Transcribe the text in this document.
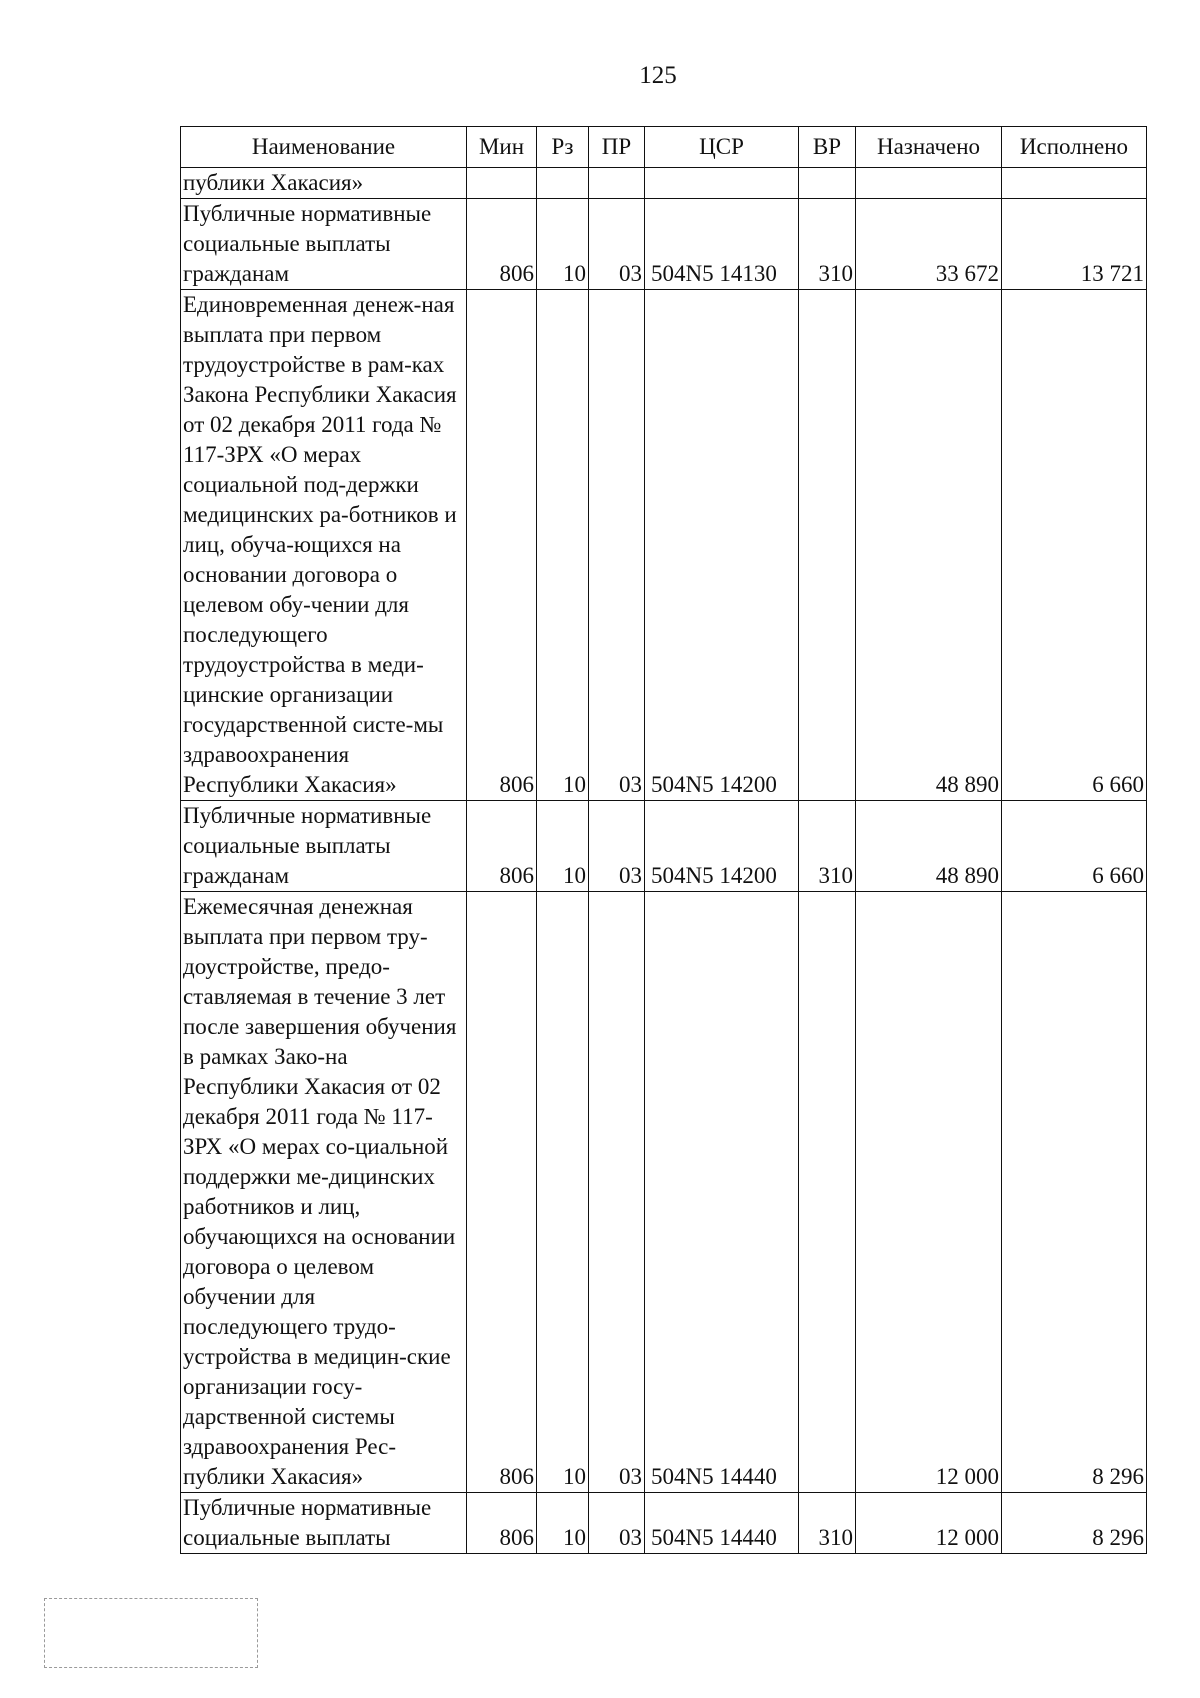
125
Наименование	Мин	Рз	ПР	ЦСР	ВР	Назначено	Исполнено
публики Хакасия»							
Публичные нормативные социальные выплаты гражданам	806	10	03	504N5 14130	310	33 672	13 721
Единовременная денеж-ная выплата при первом трудоустройстве в рам-ках Закона Республики Хакасия от 02 декабря 2011 года № 117-ЗРХ «О мерах социальной под-держки медицинских ра-ботников и лиц, обуча-ющихся на основании договора о целевом обу-чении для последующего трудоустройства в меди-цинские организации государственной систе-мы здравоохранения Республики Хакасия»	806	10	03	504N5 14200		48 890	6 660
Публичные нормативные социальные выплаты гражданам	806	10	03	504N5 14200	310	48 890	6 660
Ежемесячная денежная выплата при первом тру-доустройстве, предо-ставляемая в течение 3 лет после завершения обучения в рамках Зако-на Республики Хакасия от 02 декабря 2011 года № 117-ЗРХ «О мерах со-циальной поддержки ме-дицинских работников и лиц, обучающихся на основании договора о целевом обучении для последующего трудо-устройства в медицин-ские организации госу-дарственной системы здравоохранения Рес-публики Хакасия»	806	10	03	504N5 14440		12 000	8 296
Публичные нормативные социальные выплаты	806	10	03	504N5 14440	310	12 000	8 296
